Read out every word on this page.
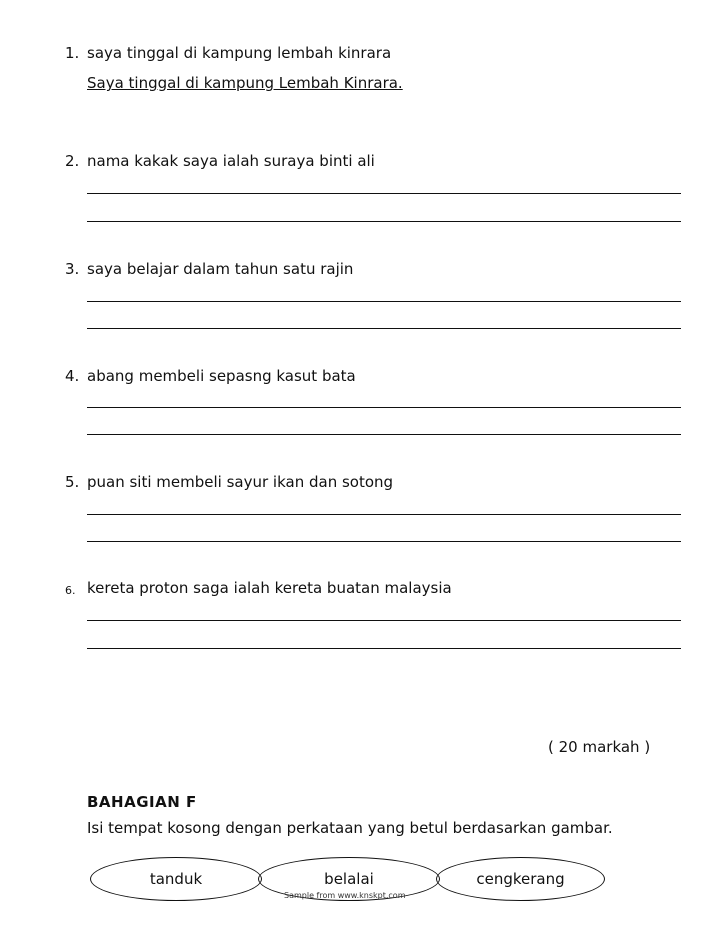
1. saya tinggal di kampung lembah kinrara
Saya tinggal di kampung Lembah Kinrara.
2. nama kakak saya ialah suraya binti ali
3. saya belajar dalam tahun satu rajin
4. abang membeli sepasng kasut bata
5. puan siti membeli sayur ikan dan sotong
6. kereta proton saga ialah kereta buatan malaysia
( 20 markah )
BAHAGIAN F
Isi tempat kosong dengan perkataan yang betul berdasarkan gambar.
tanduk	belalai	cengkerang
Sample from www.knskpt.com
